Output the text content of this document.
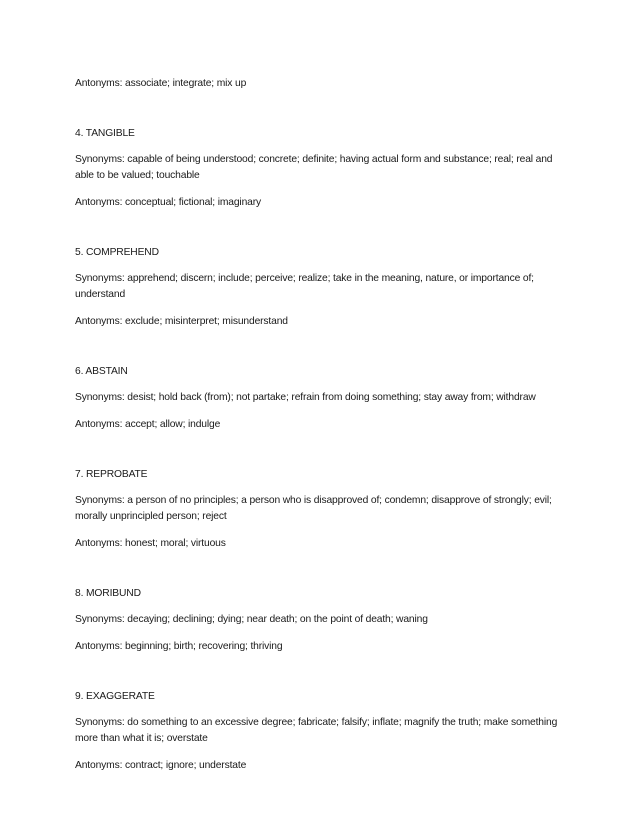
Antonyms: associate; integrate; mix up

4. TANGIBLE

Synonyms: capable of being understood; concrete; definite; having actual form and substance; real; real and able to be valued; touchable

Antonyms: conceptual; fictional; imaginary

5. COMPREHEND

Synonyms: apprehend; discern; include; perceive; realize; take in the meaning, nature, or importance of; understand

Antonyms: exclude; misinterpret; misunderstand

6. ABSTAIN

Synonyms: desist; hold back (from); not partake; refrain from doing something; stay away from; withdraw

Antonyms: accept; allow; indulge

7. REPROBATE

Synonyms: a person of no principles; a person who is disapproved of; condemn; disapprove of strongly; evil; morally unprincipled person; reject

Antonyms: honest; moral; virtuous

8. MORIBUND

Synonyms: decaying; declining; dying; near death; on the point of death; waning

Antonyms: beginning; birth; recovering; thriving

9. EXAGGERATE

Synonyms: do something to an excessive degree; fabricate; falsify; inflate; magnify the truth; make something more than what it is; overstate

Antonyms: contract; ignore; understate
